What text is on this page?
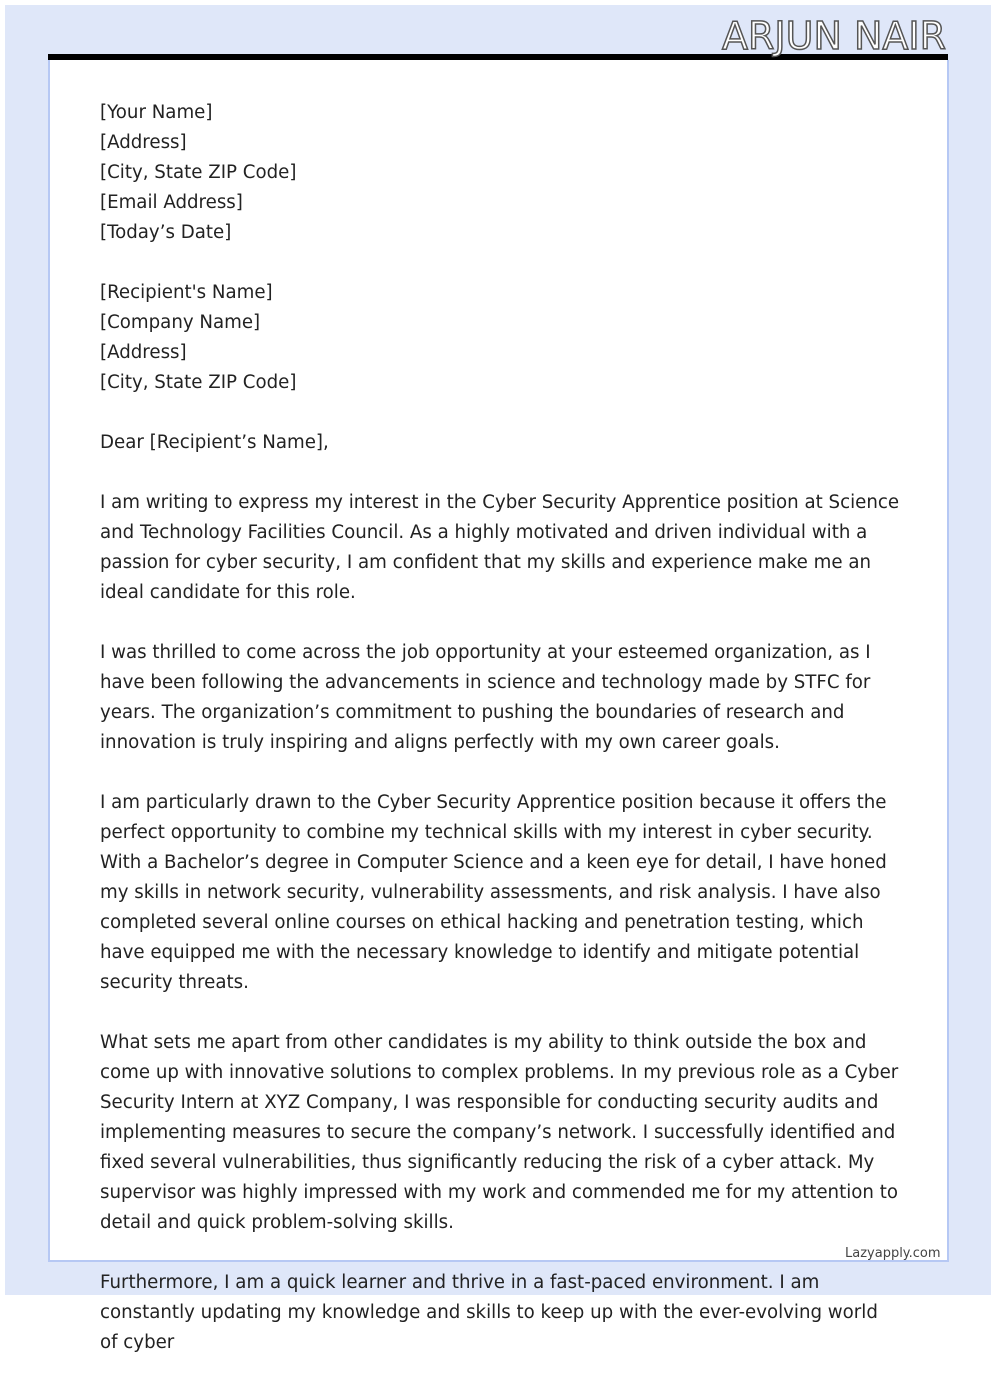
ARJUN NAIR

[Your Name]
[Address]
[City, State ZIP Code]
[Email Address]
[Today’s Date]

[Recipient's Name]
[Company Name]
[Address]
[City, State ZIP Code]

Dear [Recipient’s Name],

I am writing to express my interest in the Cyber Security Apprentice position at Science and Technology Facilities Council. As a highly motivated and driven individual with a passion for cyber security, I am confident that my skills and experience make me an ideal candidate for this role.

I was thrilled to come across the job opportunity at your esteemed organization, as I have been following the advancements in science and technology made by STFC for years. The organization’s commitment to pushing the boundaries of research and innovation is truly inspiring and aligns perfectly with my own career goals.

I am particularly drawn to the Cyber Security Apprentice position because it offers the perfect opportunity to combine my technical skills with my interest in cyber security. With a Bachelor’s degree in Computer Science and a keen eye for detail, I have honed my skills in network security, vulnerability assessments, and risk analysis. I have also completed several online courses on ethical hacking and penetration testing, which have equipped me with the necessary knowledge to identify and mitigate potential security threats.

What sets me apart from other candidates is my ability to think outside the box and come up with innovative solutions to complex problems. In my previous role as a Cyber Security Intern at XYZ Company, I was responsible for conducting security audits and implementing measures to secure the company’s network. I successfully identified and fixed several vulnerabilities, thus significantly reducing the risk of a cyber attack. My supervisor was highly impressed with my work and commended me for my attention to detail and quick problem-solving skills.

Furthermore, I am a quick learner and thrive in a fast-paced environment. I am constantly updating my knowledge and skills to keep up with the ever-evolving world of cyber

Lazyapply.com
